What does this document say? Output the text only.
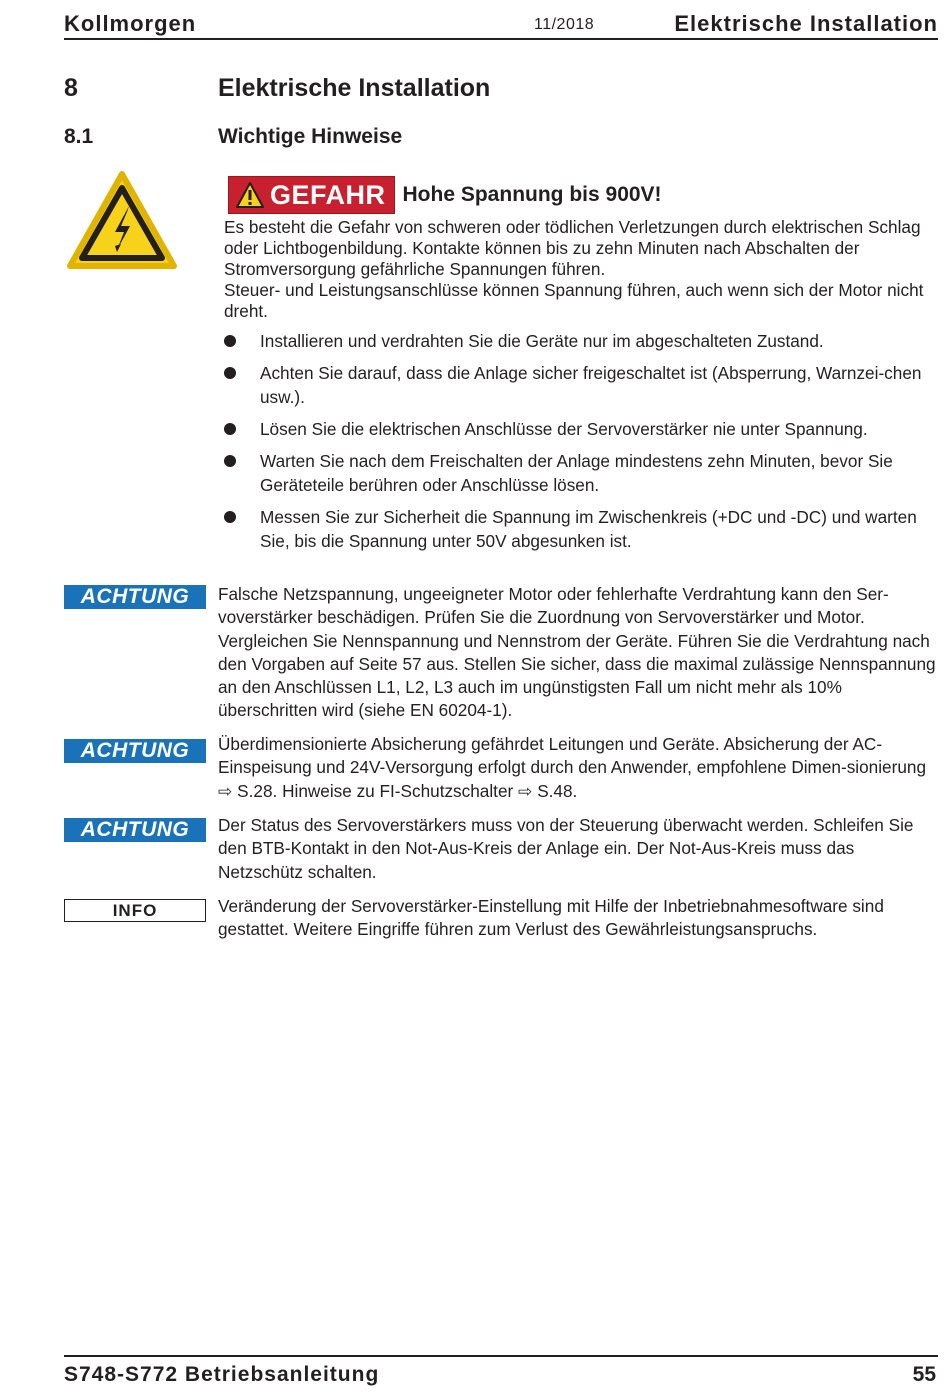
Kollmorgen	11/2018	Elektrische Installation
8	Elektrische Installation
8.1	Wichtige Hinweise
GEFAHR Hohe Spannung bis 900V!

Es besteht die Gefahr von schweren oder tödlichen Verletzungen durch elektrischen Schlag oder Lichtbogenbildung. Kontakte können bis zu zehn Minuten nach Abschalten der Stromversorgung gefährliche Spannungen führen.

Steuer- und Leistungsanschlüsse können Spannung führen, auch wenn sich der Motor nicht dreht.

Installieren und verdrahten Sie die Geräte nur im abgeschalteten Zustand.
Achten Sie darauf, dass die Anlage sicher freigeschaltet ist (Absperrung, Warnzei-chen usw.).
Lösen Sie die elektrischen Anschlüsse der Servoverstärker nie unter Spannung.
Warten Sie nach dem Freischalten der Anlage mindestens zehn Minuten, bevor Sie Geräteteile berühren oder Anschlüsse lösen.
Messen Sie zur Sicherheit die Spannung im Zwischenkreis (+DC und -DC) und warten Sie, bis die Spannung unter 50V abgesunken ist.
ACHTUNG	Falsche Netzspannung, ungeeigneter Motor oder fehlerhafte Verdrahtung kann den Ser-voverstärker beschädigen. Prüfen Sie die Zuordnung von Servoverstärker und Motor. Vergleichen Sie Nennspannung und Nennstrom der Geräte. Führen Sie die Verdrahtung nach den Vorgaben auf Seite 57 aus. Stellen Sie sicher, dass die maximal zulässige Nennspannung an den Anschlüssen L1, L2, L3 auch im ungünstigsten Fall um nicht mehr als 10% überschritten wird (siehe EN 60204-1).
ACHTUNG	Überdimensionierte Absicherung gefährdet Leitungen und Geräte. Absicherung der AC-Einspeisung und 24V-Versorgung erfolgt durch den Anwender, empfohlene Dimen-sionierung ⇨ S.28. Hinweise zu FI-Schutzschalter ⇨ S.48.
ACHTUNG	Der Status des Servoverstärkers muss von der Steuerung überwacht werden. Schleifen Sie den BTB-Kontakt in den Not-Aus-Kreis der Anlage ein. Der Not-Aus-Kreis muss das Netzschütz schalten.
INFO	Veränderung der Servoverstärker-Einstellung mit Hilfe der Inbetriebnahmesoftware sind gestattet. Weitere Eingriffe führen zum Verlust des Gewährleistungsanspruchs.
S748-S772 Betriebsanleitung	55
